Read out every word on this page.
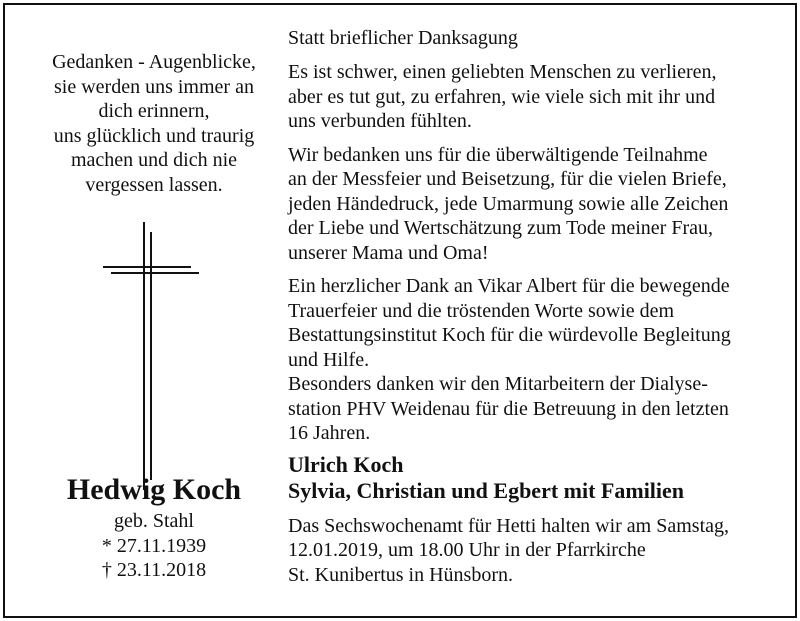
Gedanken - Augenblicke,
sie werden uns immer an
dich erinnern,
uns glücklich und traurig
machen und dich nie
vergessen lassen.
Hedwig Koch
geb. Stahl
* 27.11.1939
† 23.11.2018
Statt brieflicher Danksagung
Es ist schwer, einen geliebten Menschen zu verlieren,
aber es tut gut, zu erfahren, wie viele sich mit ihr und
uns verbunden fühlten.
Wir bedanken uns für die überwältigende Teilnahme
an der Messfeier und Beisetzung, für die vielen Briefe,
jeden Händedruck, jede Umarmung sowie alle Zeichen
der Liebe und Wertschätzung zum Tode meiner Frau,
unserer Mama und Oma!
Ein herzlicher Dank an Vikar Albert für die bewegende
Trauerfeier und die tröstenden Worte sowie dem
Bestattungsinstitut Koch für die würdevolle Begleitung
und Hilfe.
Besonders danken wir den Mitarbeitern der Dialyse-
station PHV Weidenau für die Betreuung in den letzten
16 Jahren.
Ulrich Koch
Sylvia, Christian und Egbert mit Familien
Das Sechswochenamt für Hetti halten wir am Samstag,
12.01.2019, um 18.00 Uhr in der Pfarrkirche
St. Kunibertus in Hünsborn.
